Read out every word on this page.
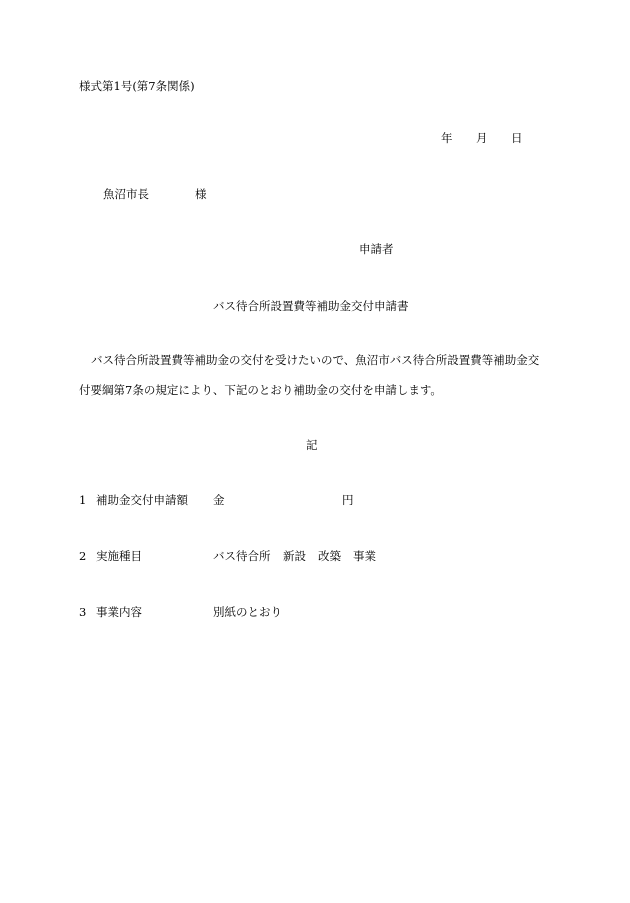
様式第1号(第7条関係)
年 月 日
魚沼市長	様
申請者
バス待合所設置費等補助金交付申請書
バス待合所設置費等補助金の交付を受けたいので、魚沼市バス待合所設置費等補助金交
付要綱第7条の規定により、下記のとおり補助金の交付を申請します。
記
1 補助金交付申請額 金	円
2 実施種目	バス待合所 新設 改築 事業
3 事業内容	別紙のとおり
